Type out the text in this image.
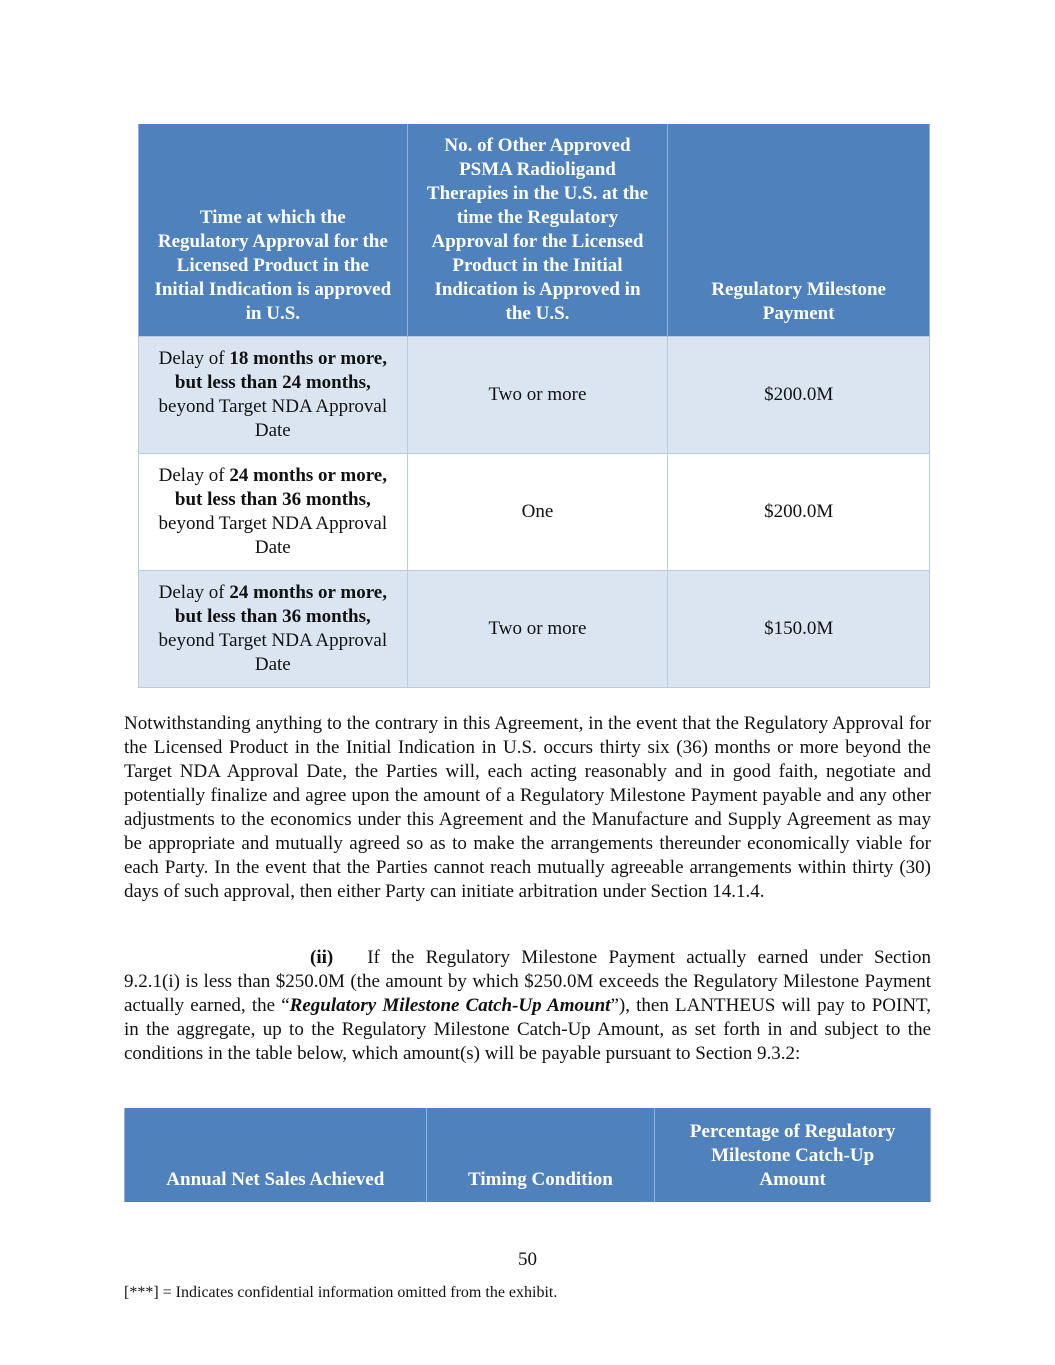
Time at which the Regulatory Approval for the Licensed Product in the Initial Indication is approved in U.S.	No. of Other Approved PSMA Radioligand Therapies in the U.S. at the time the Regulatory Approval for the Licensed Product in the Initial Indication is Approved in the U.S.	Regulatory Milestone Payment
Delay of 18 months or more, but less than 24 months, beyond Target NDA Approval Date	Two or more	$200.0M
Delay of 24 months or more, but less than 36 months, beyond Target NDA Approval Date	One	$200.0M
Delay of 24 months or more, but less than 36 months, beyond Target NDA Approval Date	Two or more	$150.0M

Notwithstanding anything to the contrary in this Agreement, in the event that the Regulatory Approval for the Licensed Product in the Initial Indication in U.S. occurs thirty six (36) months or more beyond the Target NDA Approval Date, the Parties will, each acting reasonably and in good faith, negotiate and potentially finalize and agree upon the amount of a Regulatory Milestone Payment payable and any other adjustments to the economics under this Agreement and the Manufacture and Supply Agreement as may be appropriate and mutually agreed so as to make the arrangements thereunder economically viable for each Party. In the event that the Parties cannot reach mutually agreeable arrangements within thirty (30) days of such approval, then either Party can initiate arbitration under Section 14.1.4.

(ii) If the Regulatory Milestone Payment actually earned under Section 9.2.1(i) is less than $250.0M (the amount by which $250.0M exceeds the Regulatory Milestone Payment actually earned, the “Regulatory Milestone Catch-Up Amount”), then LANTHEUS will pay to POINT, in the aggregate, up to the Regulatory Milestone Catch-Up Amount, as set forth in and subject to the conditions in the table below, which amount(s) will be payable pursuant to Section 9.3.2:

Annual Net Sales Achieved	Timing Condition	Percentage of Regulatory Milestone Catch-Up Amount
50
[***] = Indicates confidential information omitted from the exhibit.
